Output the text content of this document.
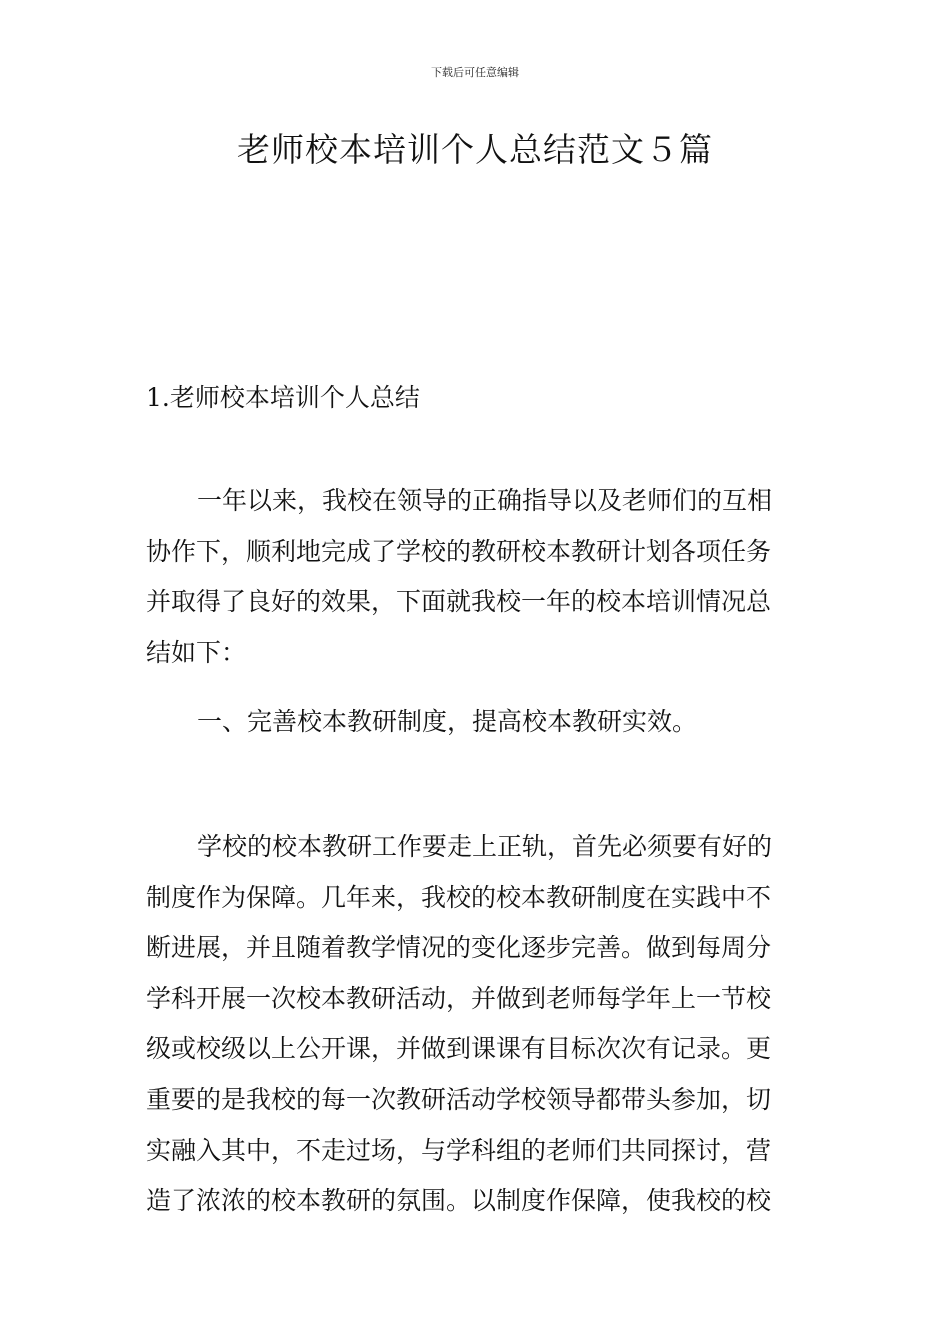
下载后可任意编辑
老师校本培训个人总结范文５篇

1.老师校本培训个人总结

一年以来，我校在领导的正确指导以及老师们的互相
协作下，顺利地完成了学校的教研校本教研计划各项任务
并取得了良好的效果，下面就我校一年的校本培训情况总
结如下：
一、完善校本教研制度，提高校本教研实效。
学校的校本教研工作要走上正轨，首先必须要有好的
制度作为保障。几年来，我校的校本教研制度在实践中不
断进展，并且随着教学情况的变化逐步完善。做到每周分
学科开展一次校本教研活动，并做到老师每学年上一节校
级或校级以上公开课，并做到课课有目标次次有记录。更
重要的是我校的每一次教研活动学校领导都带头参加，切
实融入其中，不走过场，与学科组的老师们共同探讨，营
造了浓浓的校本教研的氛围。以制度作保障，使我校的校
